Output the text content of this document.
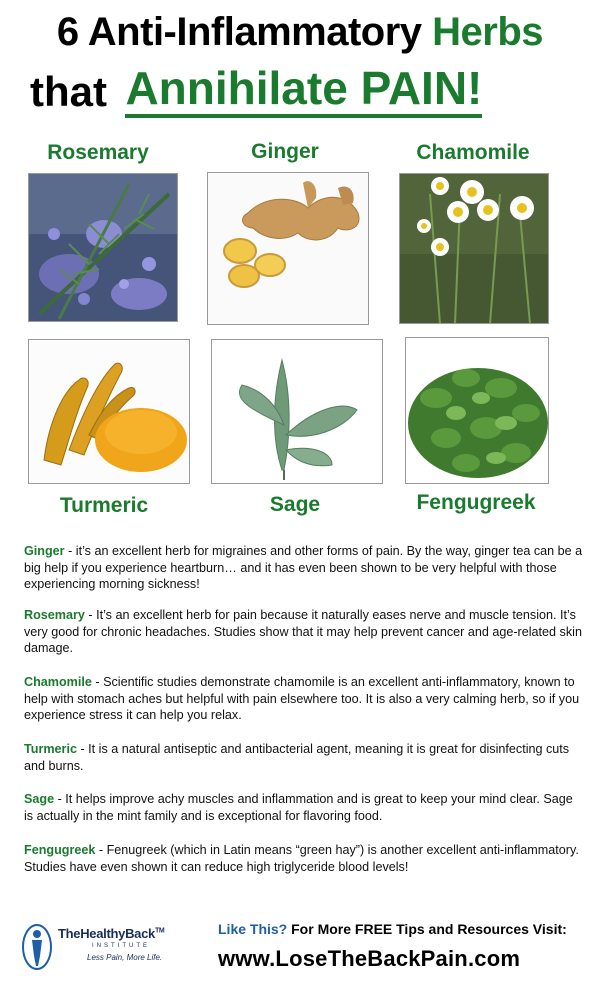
6 Anti-Inflammatory Herbs
that Annihilate PAIN!
Rosemary	Ginger	Chamomile
Turmeric	Sage	Fengugreek
Ginger - it’s an excellent herb for migraines and other forms of pain. By the way, ginger tea can be a big help if you experience heartburn… and it has even been shown to be very helpful with those experiencing morning sickness!
Rosemary - It’s an excellent herb for pain because it naturally eases nerve and muscle tension. It’s very good for chronic headaches. Studies show that it may help prevent cancer and age-related skin damage.
Chamomile - Scientific studies demonstrate chamomile is an excellent anti-inflammatory, known to help with stomach aches but helpful with pain elsewhere too. It is also a very calming herb, so if you experience stress it can help you relax.
Turmeric - It is a natural antiseptic and antibacterial agent, meaning it is great for disinfecting cuts and burns.
Sage - It helps improve achy muscles and inflammation and is great to keep your mind clear. Sage is actually in the mint family and is exceptional for flavoring food.
Fengugreek - Fenugreek (which in Latin means “green hay”) is another excellent anti-inflammatory. Studies have even shown it can reduce high triglyceride blood levels!
TheHealthyBack™
INSTITUTE
Less Pain, More Life.
Like This? For More FREE Tips and Resources Visit:
www.LoseTheBackPain.com
